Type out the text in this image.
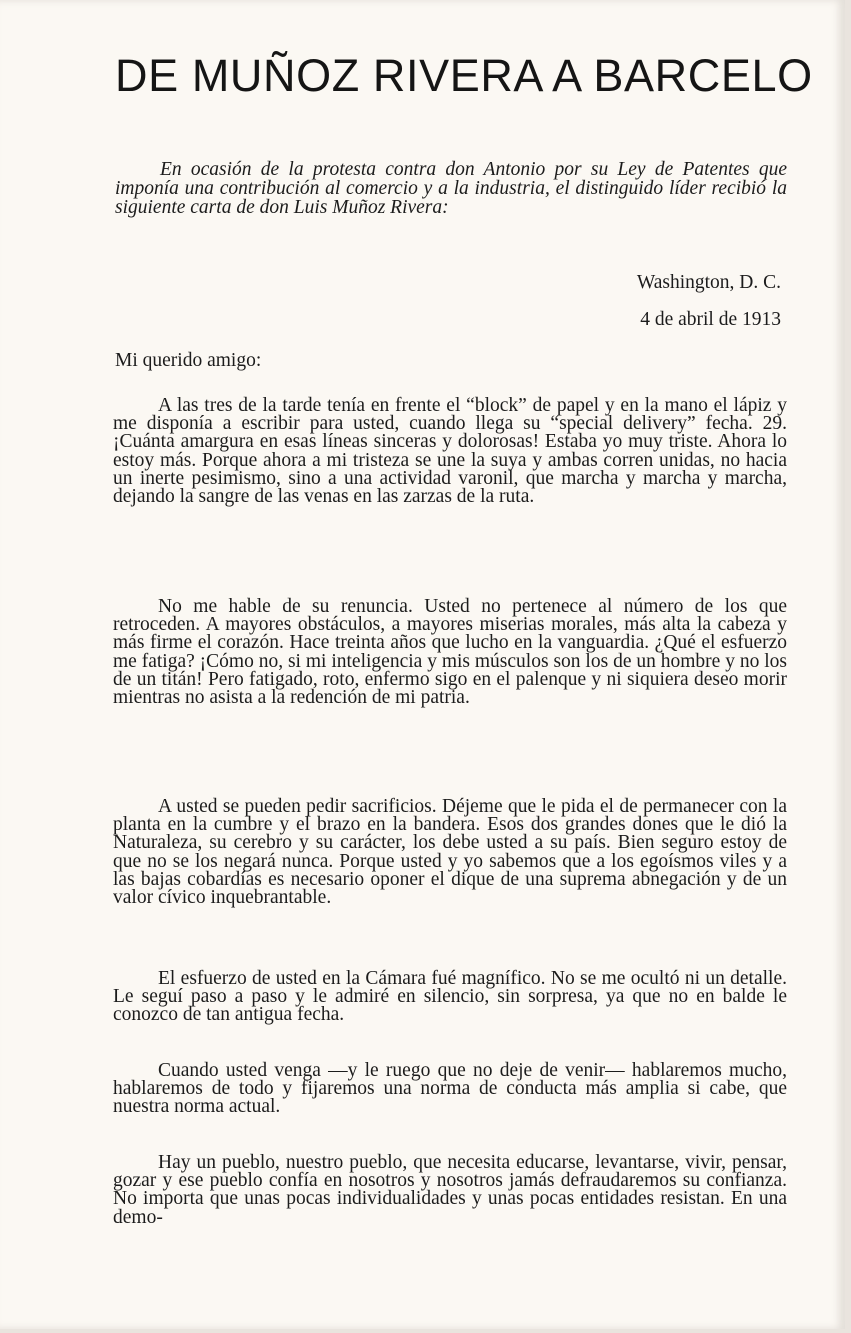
DE MUÑOZ RIVERA A BARCELO

En ocasión de la protesta contra don Antonio por su Ley de Patentes que imponía una contribución al comercio y a la industria, el distinguido líder recibió la siguiente carta de don Luis Muñoz Rivera:

Washington, D. C.
4 de abril de 1913
Mi querido amigo:

A las tres de la tarde tenía en frente el “block” de papel y en la mano el lápiz y me disponía a escribir para usted, cuando llega su “special delivery” fecha. 29. ¡Cuánta amargura en esas líneas sinceras y dolorosas! Estaba yo muy triste. Ahora lo estoy más. Porque ahora a mi tristeza se une la suya y ambas corren unidas, no hacia un inerte pesimismo, sino a una actividad varonil, que marcha y marcha y marcha, dejando la sangre de las venas en las zarzas de la ruta.

No me hable de su renuncia. Usted no pertenece al número de los que retroceden. A mayores obstáculos, a mayores miserias morales, más alta la cabeza y más firme el corazón. Hace treinta años que lucho en la vanguardia. ¿Qué el esfuerzo me fatiga? ¡Cómo no, si mi inteligencia y mis músculos son los de un hombre y no los de un titán! Pero fatigado, roto, enfermo sigo en el palenque y ni siquiera deseo morir mientras no asista a la redención de mi patria.

A usted se pueden pedir sacrificios. Déjeme que le pida el de permanecer con la planta en la cumbre y el brazo en la bandera. Esos dos grandes dones que le dió la Naturaleza, su cerebro y su carácter, los debe usted a su país. Bien seguro estoy de que no se los negará nunca. Porque usted y yo sabemos que a los egoísmos viles y a las bajas cobardías es necesario oponer el dique de una suprema abnegación y de un valor cívico inquebrantable.

El esfuerzo de usted en la Cámara fué magnífico. No se me ocultó ni un detalle. Le seguí paso a paso y le admiré en silencio, sin sorpresa, ya que no en balde le conozco de tan antigua fecha.

Cuando usted venga —y le ruego que no deje de venir— hablaremos mucho, hablaremos de todo y fijaremos una norma de conducta más amplia si cabe, que nuestra norma actual.

Hay un pueblo, nuestro pueblo, que necesita educarse, levantarse, vivir, pensar, gozar y ese pueblo confía en nosotros y nosotros jamás defraudaremos su confianza. No importa que unas pocas individualidades y unas pocas entidades resistan. En una demo-
